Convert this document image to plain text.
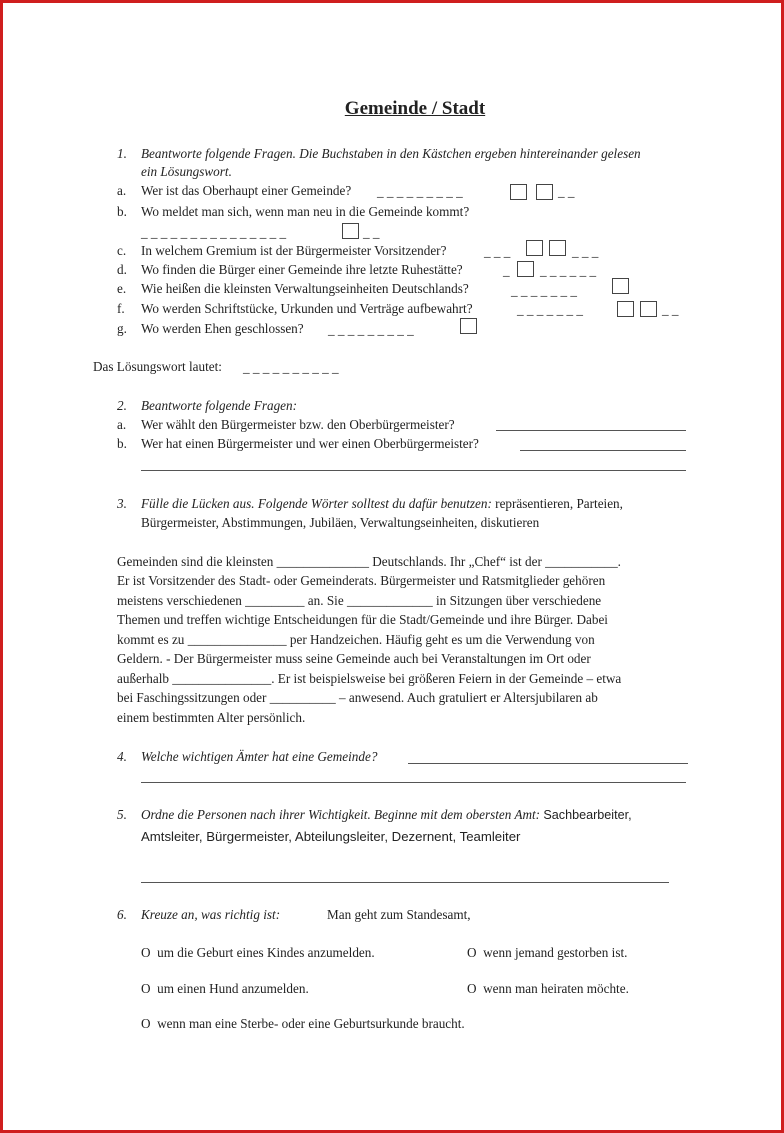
Gemeinde / Stadt
1. Beantworte folgende Fragen. Die Buchstaben in den Kästchen ergeben hintereinander gelesen
ein Lösungswort.
a. Wer ist das Oberhaupt einer Gemeinde? _ _ _ _ _ _ _ _ _	_ _
b. Wo meldet man sich, wenn man neu in die Gemeinde kommt?
_ _ _ _ _ _ _ _ _ _ _ _ _ _ _	_ _
c. In welchem Gremium ist der Bürgermeister Vorsitzender?	_ _ _	_ _ _
d. Wo finden die Bürger einer Gemeinde ihre letzte Ruhestätte?	_ _ _ _ _ _ _
e. Wie heißen die kleinsten Verwaltungseinheiten Deutschlands?	_ _ _ _ _ _ _
f. Wo werden Schriftstücke, Urkunden und Verträge aufbewahrt?	_ _ _ _ _ _ _	_ _
g. Wo werden Ehen geschlossen? _ _ _ _ _ _ _ _ _
Das Lösungswort lautet: _ _ _ _ _ _ _ _ _ _
2. Beantworte folgende Fragen:
a. Wer wählt den Bürgermeister bzw. den Oberbürgermeister?
b. Wer hat einen Bürgermeister und wer einen Oberbürgermeister?
3. Fülle die Lücken aus. Folgende Wörter solltest du dafür benutzen: repräsentieren, Parteien,
Bürgermeister, Abstimmungen, Jubiläen, Verwaltungseinheiten, diskutieren
Gemeinden sind die kleinsten ______________ Deutschlands. Ihr „Chef“ ist der ___________.
Er ist Vorsitzender des Stadt- oder Gemeinderats. Bürgermeister und Ratsmitglieder gehören
meistens verschiedenen _________ an. Sie _____________ in Sitzungen über verschiedene
Themen und treffen wichtige Entscheidungen für die Stadt/Gemeinde und ihre Bürger. Dabei
kommt es zu _______________ per Handzeichen. Häufig geht es um die Verwendung von
Geldern. - Der Bürgermeister muss seine Gemeinde auch bei Veranstaltungen im Ort oder
außerhalb _______________. Er ist beispielsweise bei größeren Feiern in der Gemeinde – etwa
bei Faschingssitzungen oder __________ – anwesend. Auch gratuliert er Altersjubilaren ab
einem bestimmten Alter persönlich.
4. Welche wichtigen Ämter hat eine Gemeinde?
5. Ordne die Personen nach ihrer Wichtigkeit. Beginne mit dem obersten Amt: Sachbearbeiter,
Amtsleiter, Bürgermeister, Abteilungsleiter, Dezernent, Teamleiter
6. Kreuze an, was richtig ist:	Man geht zum Standesamt,
O um die Geburt eines Kindes anzumelden.	O wenn jemand gestorben ist.
O um einen Hund anzumelden.	O wenn man heiraten möchte.
O wenn man eine Sterbe- oder eine Geburtsurkunde braucht.
